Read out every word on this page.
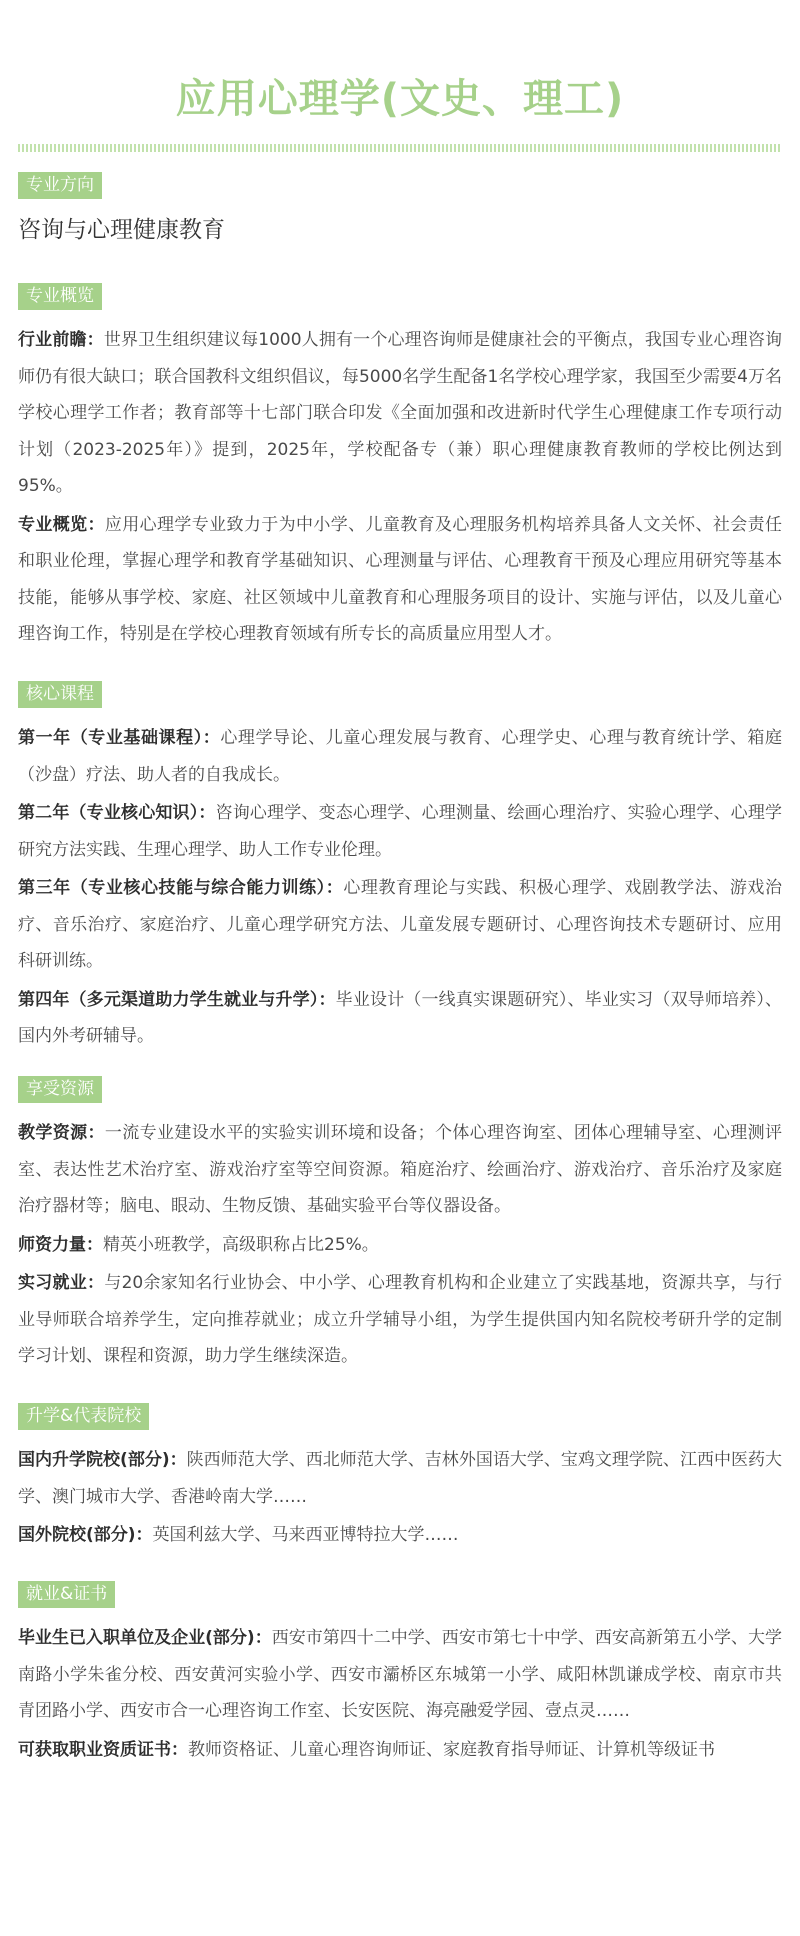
应用心理学(文史、理工)
专业方向
咨询与心理健康教育
专业概览

行业前瞻：世界卫生组织建议每1000人拥有一个心理咨询师是健康社会的平衡点，我国专业心理咨询师仍有很大缺口；联合国教科文组织倡议，每5000名学生配备1名学校心理学家，我国至少需要4万名学校心理学工作者；教育部等十七部门联合印发《全面加强和改进新时代学生心理健康工作专项行动计划（2023-2025年）》提到，2025年，学校配备专（兼）职心理健康教育教师的学校比例达到95%。

专业概览：应用心理学专业致力于为中小学、儿童教育及心理服务机构培养具备人文关怀、社会责任和职业伦理，掌握心理学和教育学基础知识、心理测量与评估、心理教育干预及心理应用研究等基本技能，能够从事学校、家庭、社区领域中儿童教育和心理服务项目的设计、实施与评估，以及儿童心理咨询工作，特别是在学校心理教育领域有所专长的高质量应用型人才。

核心课程

第一年（专业基础课程）：心理学导论、儿童心理发展与教育、心理学史、心理与教育统计学、箱庭（沙盘）疗法、助人者的自我成长。

第二年（专业核心知识）：咨询心理学、变态心理学、心理测量、绘画心理治疗、实验心理学、心理学研究方法实践、生理心理学、助人工作专业伦理。

第三年（专业核心技能与综合能力训练）：心理教育理论与实践、积极心理学、戏剧教学法、游戏治疗、音乐治疗、家庭治疗、儿童心理学研究方法、儿童发展专题研讨、心理咨询技术专题研讨、应用科研训练。

第四年（多元渠道助力学生就业与升学）：毕业设计（一线真实课题研究）、毕业实习（双导师培养）、国内外考研辅导。

享受资源

教学资源：一流专业建设水平的实验实训环境和设备；个体心理咨询室、团体心理辅导室、心理测评室、表达性艺术治疗室、游戏治疗室等空间资源。箱庭治疗、绘画治疗、游戏治疗、音乐治疗及家庭治疗器材等；脑电、眼动、生物反馈、基础实验平台等仪器设备。

师资力量：精英小班教学，高级职称占比25%。

实习就业：与20余家知名行业协会、中小学、心理教育机构和企业建立了实践基地，资源共享，与行业导师联合培养学生，定向推荐就业；成立升学辅导小组，为学生提供国内知名院校考研升学的定制学习计划、课程和资源，助力学生继续深造。

升学&代表院校

国内升学院校(部分)：陕西师范大学、西北师范大学、吉林外国语大学、宝鸡文理学院、江西中医药大学、澳门城市大学、香港岭南大学……

国外院校(部分)：英国利兹大学、马来西亚博特拉大学……

就业&证书

毕业生已入职单位及企业(部分)：西安市第四十二中学、西安市第七十中学、西安高新第五小学、大学南路小学朱雀分校、西安黄河实验小学、西安市灞桥区东城第一小学、咸阳林凯谦成学校、南京市共青团路小学、西安市合一心理咨询工作室、长安医院、海亮融爱学园、壹点灵……

可获取职业资质证书：教师资格证、儿童心理咨询师证、家庭教育指导师证、计算机等级证书
